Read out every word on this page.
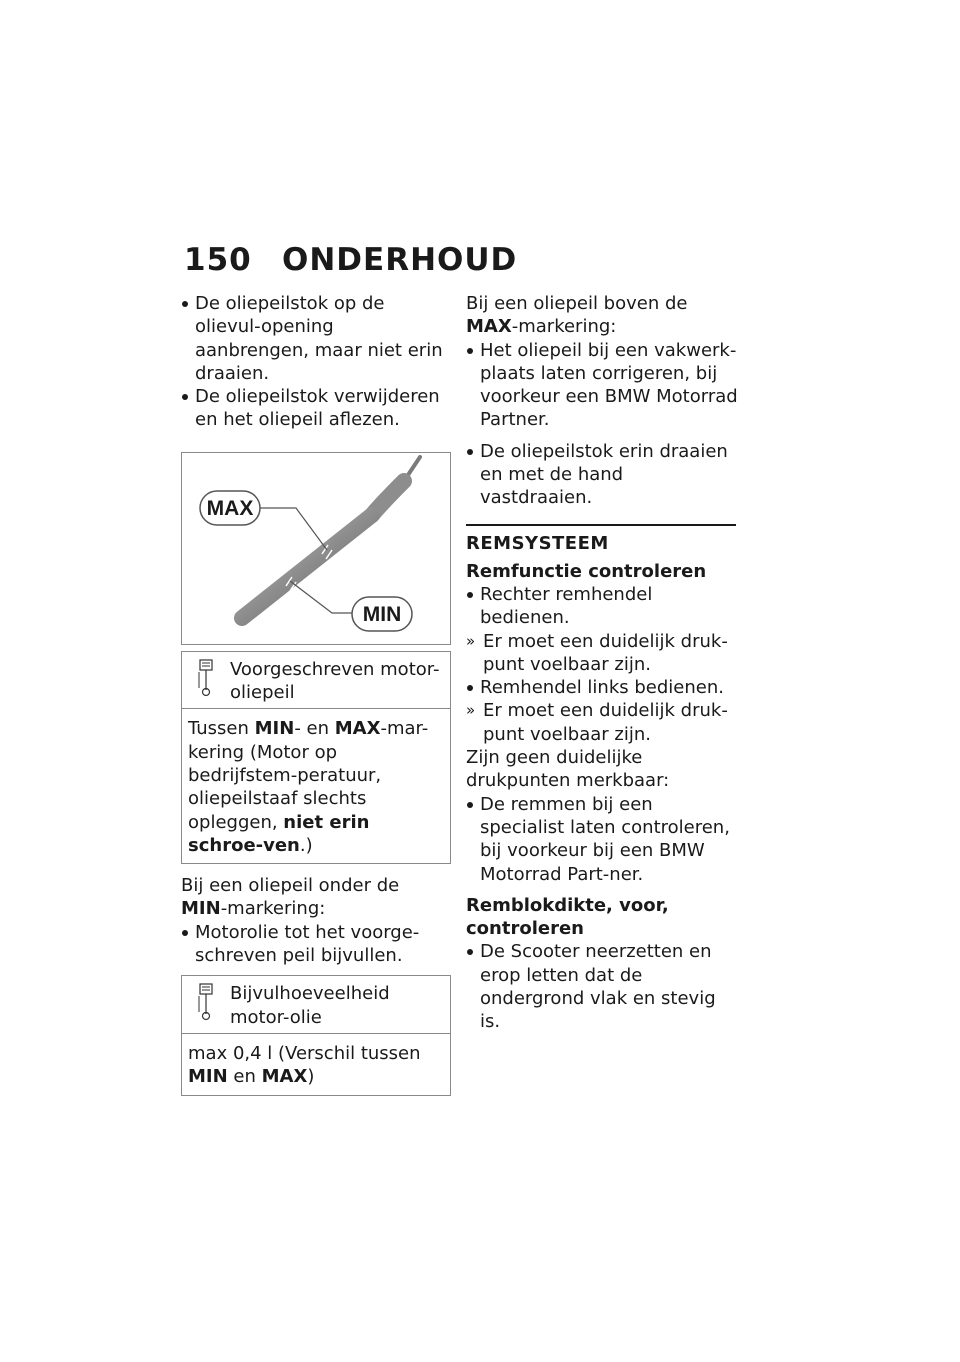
150 ONDERHOUD
De oliepeilstok op de olievul-opening aanbrengen, maar niet erin draaien.
De oliepeilstok verwijderen en het oliepeil aflezen.
MAX
MIN
Voorgeschreven motor-oliepeil
Tussen MIN- en MAX-mar-kering (Motor op bedrijfstem-peratuur, oliepeilstaaf slechts opleggen, niet erin schroe-ven.)

Bij een oliepeil onder de MIN-markering:

Motorolie tot het voorge-schreven peil bijvullen.
Bijvulhoeveelheid motor-olie
max 0,4 l (Verschil tussen MIN en MAX)

Bij een oliepeil boven de MAX-markering:

Het oliepeil bij een vakwerk-plaats laten corrigeren, bij voorkeur een BMW Motorrad Partner.
De oliepeilstok erin draaien en met de hand vastdraaien.
REMSYSTEEM
Remfunctie controleren
Rechter remhendel bedienen.
» Er moet een duidelijk druk-punt voelbaar zijn.
Remhendel links bedienen.
» Er moet een duidelijk druk-punt voelbaar zijn.

Zijn geen duidelijke drukpunten merkbaar:

De remmen bij een specialist laten controleren, bij voorkeur bij een BMW Motorrad Part-ner.
Remblokdikte, voor, controleren
De Scooter neerzetten en erop letten dat de ondergrond vlak en stevig is.
